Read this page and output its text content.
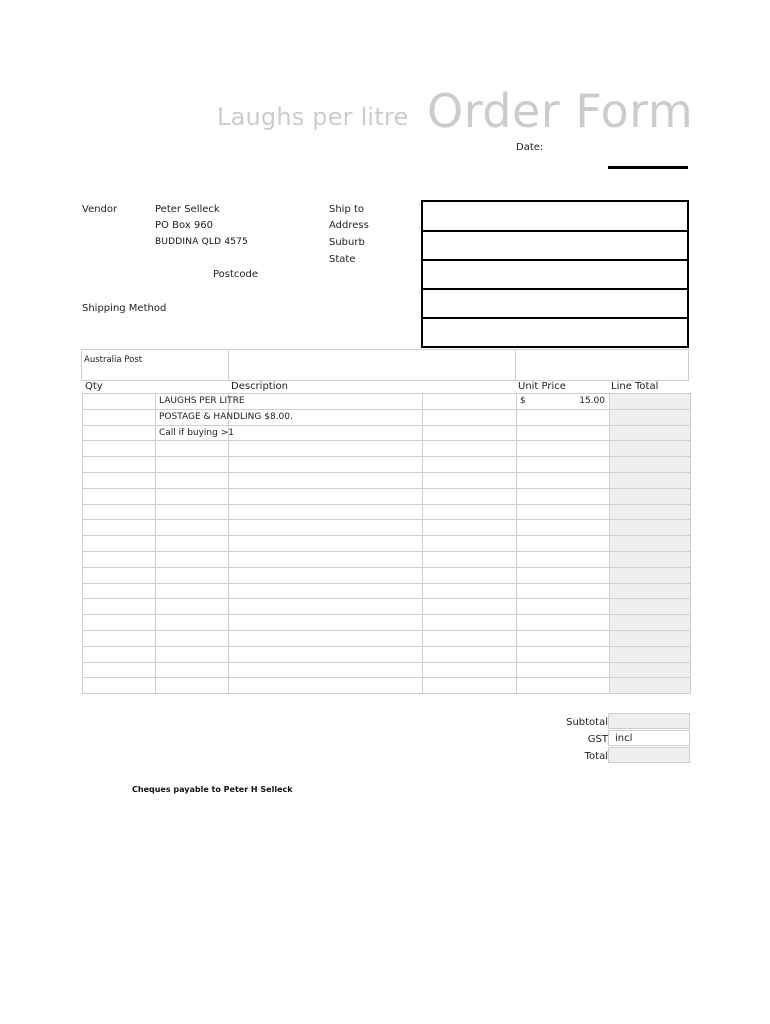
Laughs per litre Order Form
Date:
Vendor	Peter Selleck
PO Box 960
BUDDINA QLD 4575
Postcode
Ship to
Address
Suburb
State
Shipping Method
Australia Post
Qty	Description	Unit Price	Line Total
	LAUGHS PER LITRE			$ 15.00	

	POSTAGE & HANDLING $8.00.			

	Call if buying >1			

Subtotal
GST incl
Total
Cheques payable to Peter H Selleck
